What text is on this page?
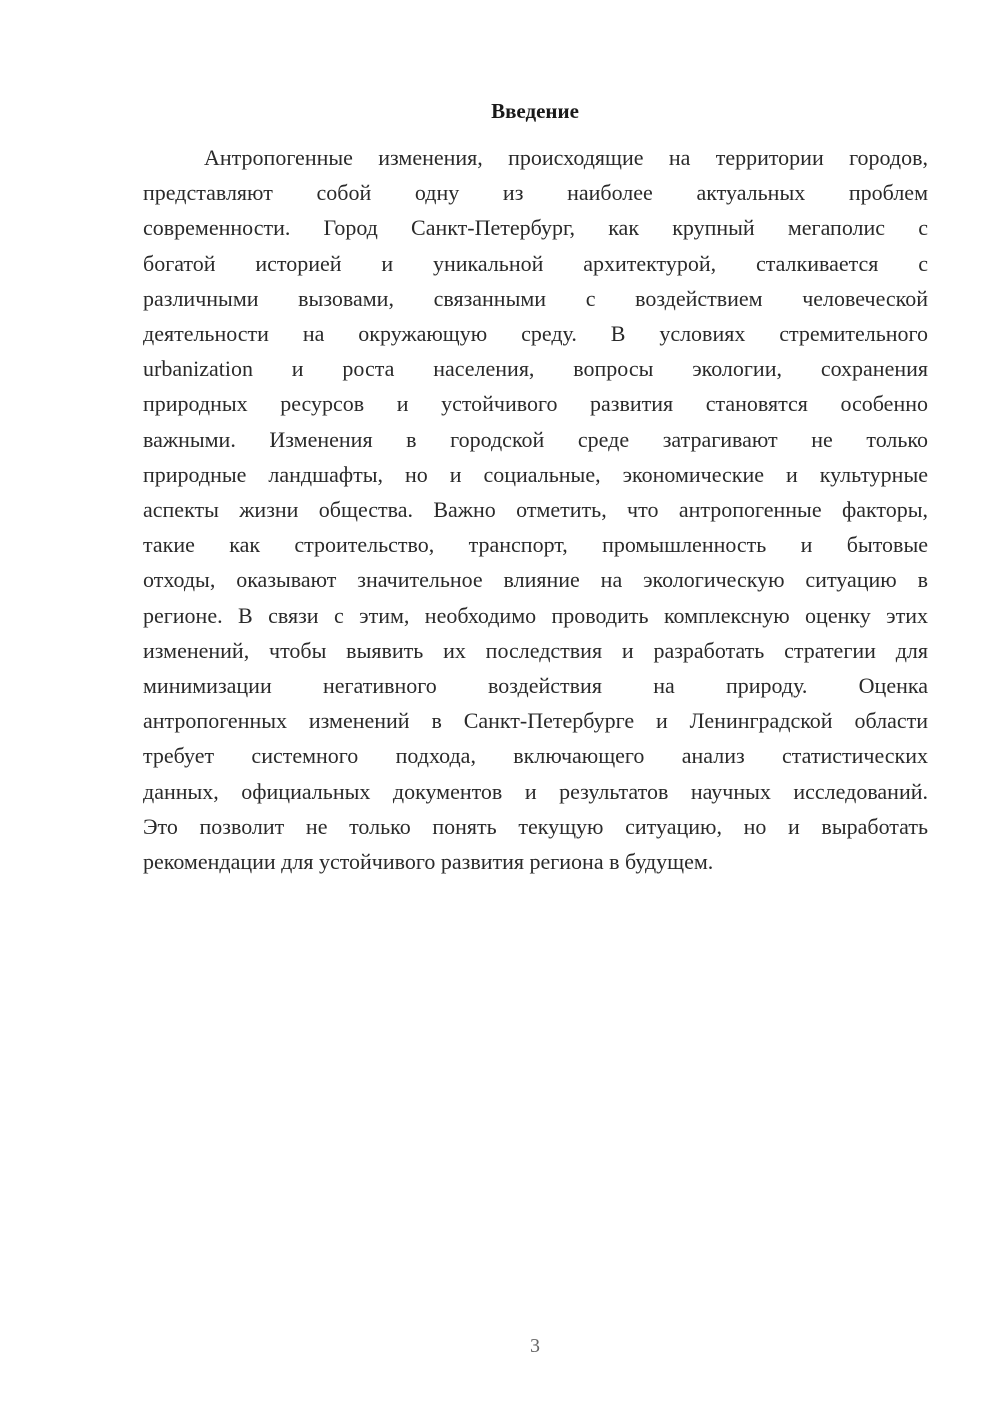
Введение
Антропогенные изменения, происходящие на территории городов,
представляют собой одну из наиболее актуальных проблем
современности. Город Санкт-Петербург, как крупный мегаполис с
богатой историей и уникальной архитектурой, сталкивается с
различными вызовами, связанными с воздействием человеческой
деятельности на окружающую среду. В условиях стремительного
urbanization и роста населения, вопросы экологии, сохранения
природных ресурсов и устойчивого развития становятся особенно
важными. Изменения в городской среде затрагивают не только
природные ландшафты, но и социальные, экономические и культурные
аспекты жизни общества. Важно отметить, что антропогенные факторы,
такие как строительство, транспорт, промышленность и бытовые
отходы, оказывают значительное влияние на экологическую ситуацию в
регионе. В связи с этим, необходимо проводить комплексную оценку этих
изменений, чтобы выявить их последствия и разработать стратегии для
минимизации негативного воздействия на природу. Оценка
антропогенных изменений в Санкт-Петербурге и Ленинградской области
требует системного подхода, включающего анализ статистических
данных, официальных документов и результатов научных исследований.
Это позволит не только понять текущую ситуацию, но и выработать
рекомендации для устойчивого развития региона в будущем.
3
